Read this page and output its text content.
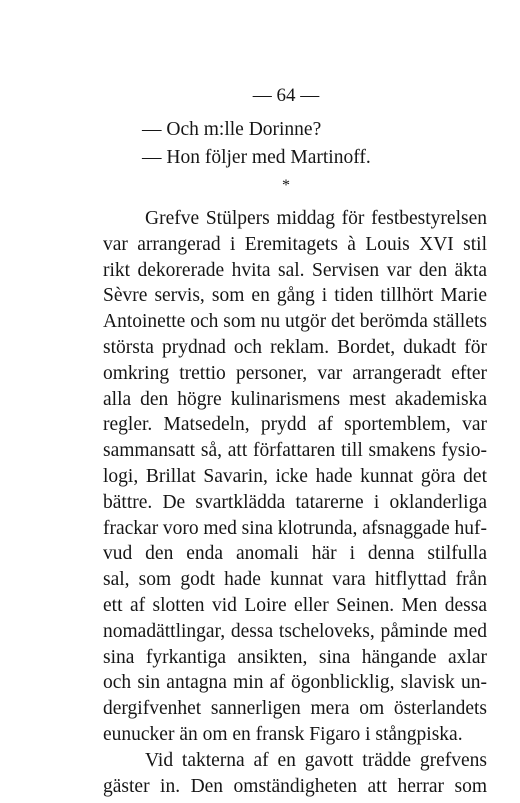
— 64 —
— Och m:lle Dorinne?
— Hon följer med Martinoff.
*
Grefve Stülpers middag för festbestyrelsen
var arrangerad i Eremitagets à Louis XVI stil
rikt dekorerade hvita sal. Servisen var den äkta
Sèvre servis, som en gång i tiden tillhört Marie
Antoinette och som nu utgör det berömda ställets
största prydnad och reklam. Bordet, dukadt för
omkring trettio personer, var arrangeradt efter
alla den högre kulinarismens mest akademiska
regler. Matsedeln, prydd af sportemblem, var
sammansatt så, att författaren till smakens fysio-
logi, Brillat Savarin, icke hade kunnat göra det
bättre. De svartklädda tatarerne i oklanderliga
frackar voro med sina klotrunda, afsnaggade huf-
vud den enda anomali här i denna stilfulla
sal, som godt hade kunnat vara hitflyttad från
ett af slotten vid Loire eller Seinen. Men dessa
nomadättlingar, dessa tscheloveks, påminde med
sina fyrkantiga ansikten, sina hängande axlar
och sin antagna min af ögonblicklig, slavisk un-
dergifvenhet sannerligen mera om österlandets
eunucker än om en fransk Figaro i stångpiska.
Vid takterna af en gavott trädde grefvens
gäster in. Den omständigheten att herrar som
